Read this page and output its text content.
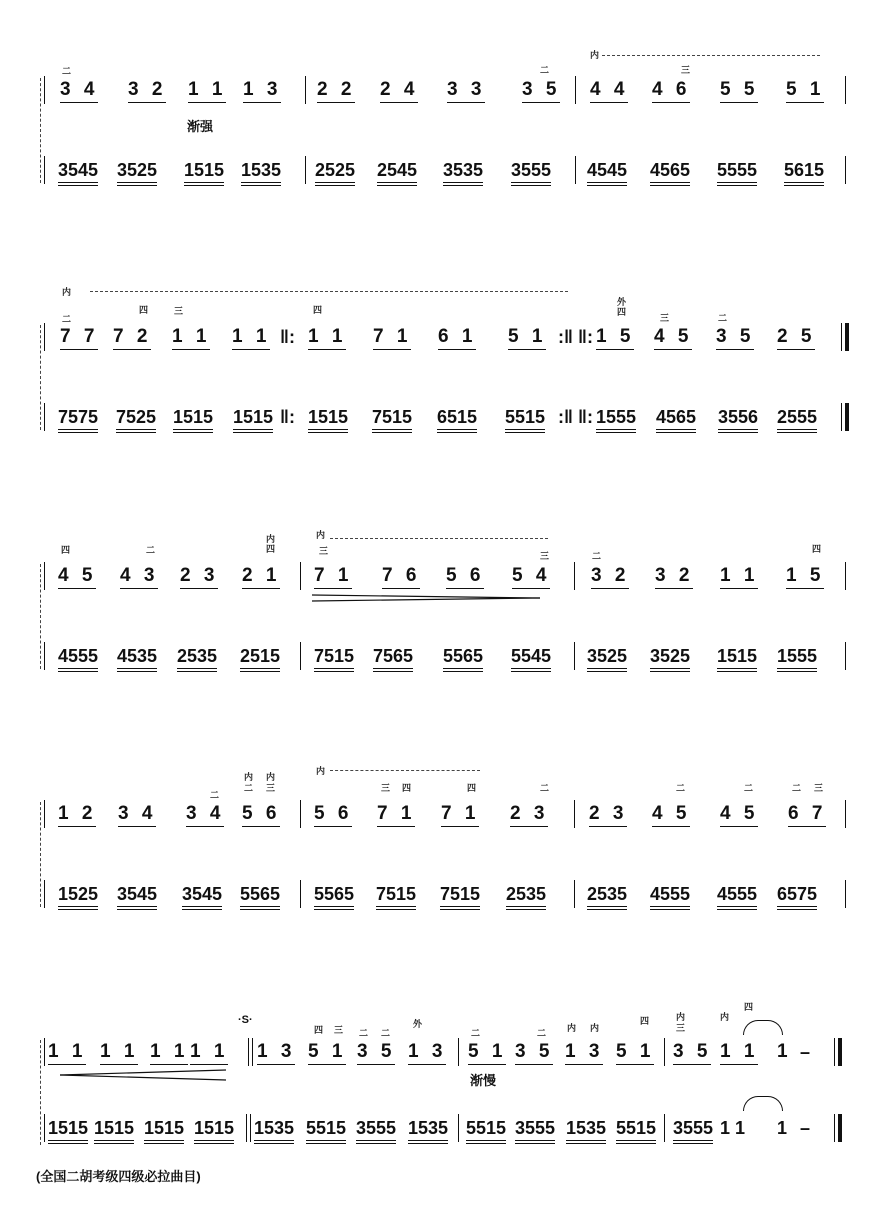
内
二
3 4 3 2 1 1 1 3 2 2 2 4 3 3
二
3 5 4 4
三
4 6 5 5 5 1
渐强
3545 3525 1515 1535 2525 2545 3535 3555 4545 4565 5555 5615
内
二
7 7
四
7 2
三
1 1 1 1 ‖:
四
1 1 7 1 6 1 5 1 :‖ ‖:
外
四
1 5
三
4 5
二
3 5 2 5
7575 7525 1515 1515 ‖: 1515 7515 6515 5515 :‖ ‖: 1555 4565 3556 2555
内
四
4 5
二
4 3 2 3
内
四
2 1
三
7 1 7 6 5 6
三
5 4
二
3 2 3 2 1 1
四
1 5
4555 4535 2535 2515 7515 7565 5565 5545 3525 3525 1515 1555
内
1 2 3 4
二
3 4
内 内
二 三
5 6 5 6
三 四
7 1
四
7 1
二
2 3 2 3
二
4 5
二
4 5
二 三
6 7
1525 3545 3545 5565 5565 7515 7515 2535 2535 4555 4555 6575
·S·
1 1 1 1 1 1 1 1 1 3
四 三
5 1
二 二
3 5
外
1 3
二
5 1
二
3 5
内 内
1 3
四
5 1
内
三
3 5
内
四
1 1 1 –
渐慢
1515 1515 1515 1515 1535 5515 3555 1535 5515 3555 1535 5515 3555 1 1 1 –
(全国二胡考级四级必拉曲目)
